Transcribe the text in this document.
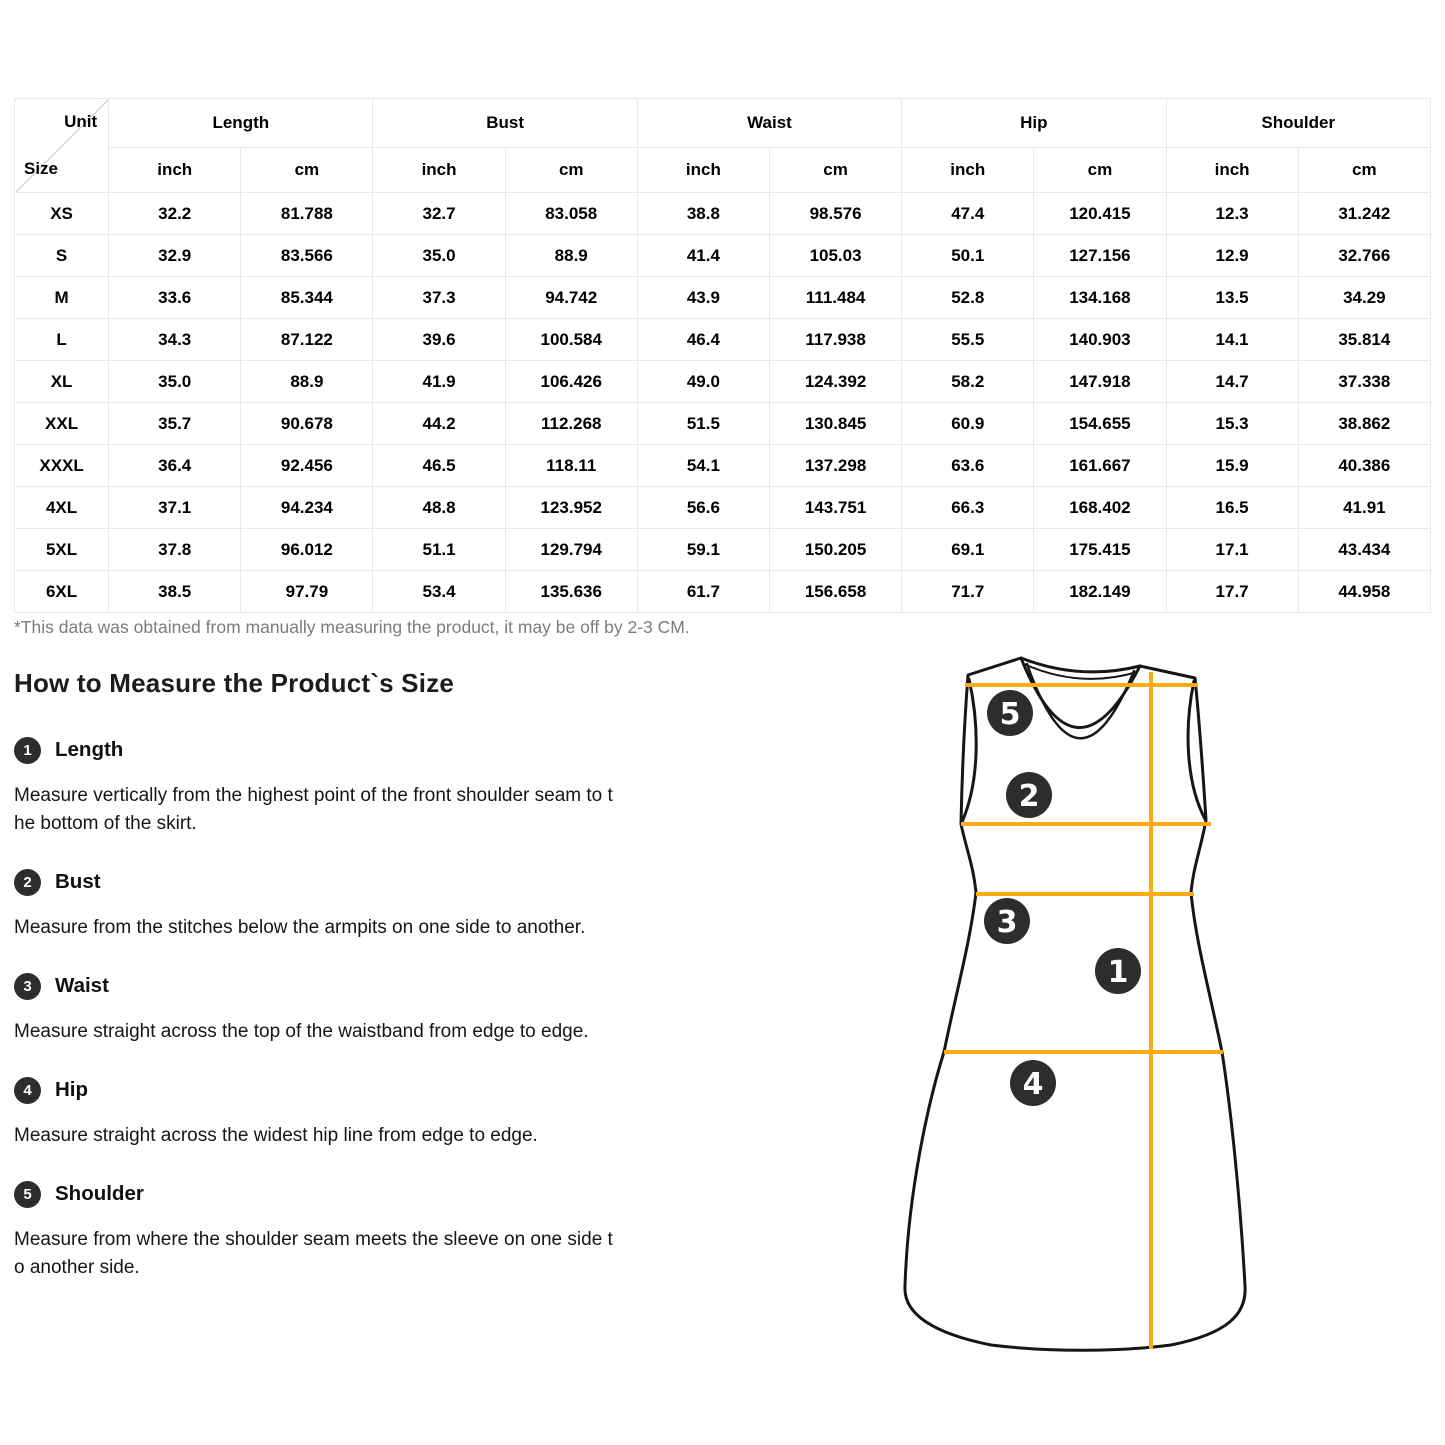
Unit
Size	Length		Bust		Waist		Hip		Shoulder	
	inch	cm	inch	cm	inch	cm	inch	cm	inch	cm
XS	32.2	81.788	32.7	83.058	38.8	98.576	47.4	120.415	12.3	31.242
S	32.9	83.566	35.0	88.9	41.4	105.03	50.1	127.156	12.9	32.766
M	33.6	85.344	37.3	94.742	43.9	111.484	52.8	134.168	13.5	34.29
L	34.3	87.122	39.6	100.584	46.4	117.938	55.5	140.903	14.1	35.814
XL	35.0	88.9	41.9	106.426	49.0	124.392	58.2	147.918	14.7	37.338
XXL	35.7	90.678	44.2	112.268	51.5	130.845	60.9	154.655	15.3	38.862
XXXL	36.4	92.456	46.5	118.11	54.1	137.298	63.6	161.667	15.9	40.386
4XL	37.1	94.234	48.8	123.952	56.6	143.751	66.3	168.402	16.5	41.91
5XL	37.8	96.012	51.1	129.794	59.1	150.205	69.1	175.415	17.1	43.434
6XL	38.5	97.79	53.4	135.636	61.7	156.658	71.7	182.149	17.7	44.958

*This data was obtained from manually measuring the product, it may be off by 2-3 CM.

How to Measure the Product`s Size
1	Length

Measure vertically from the highest point of the front shoulder seam to the bottom of the skirt.

2	Bust

Measure from the stitches below the armpits on one side to another.

3	Waist

Measure straight across the top of the waistband from edge to edge.

4	Hip

Measure straight across the widest hip line from edge to edge.

5	Shoulder

Measure from where the shoulder seam meets the sleeve on one side to another side.

5
2
3
1
4
